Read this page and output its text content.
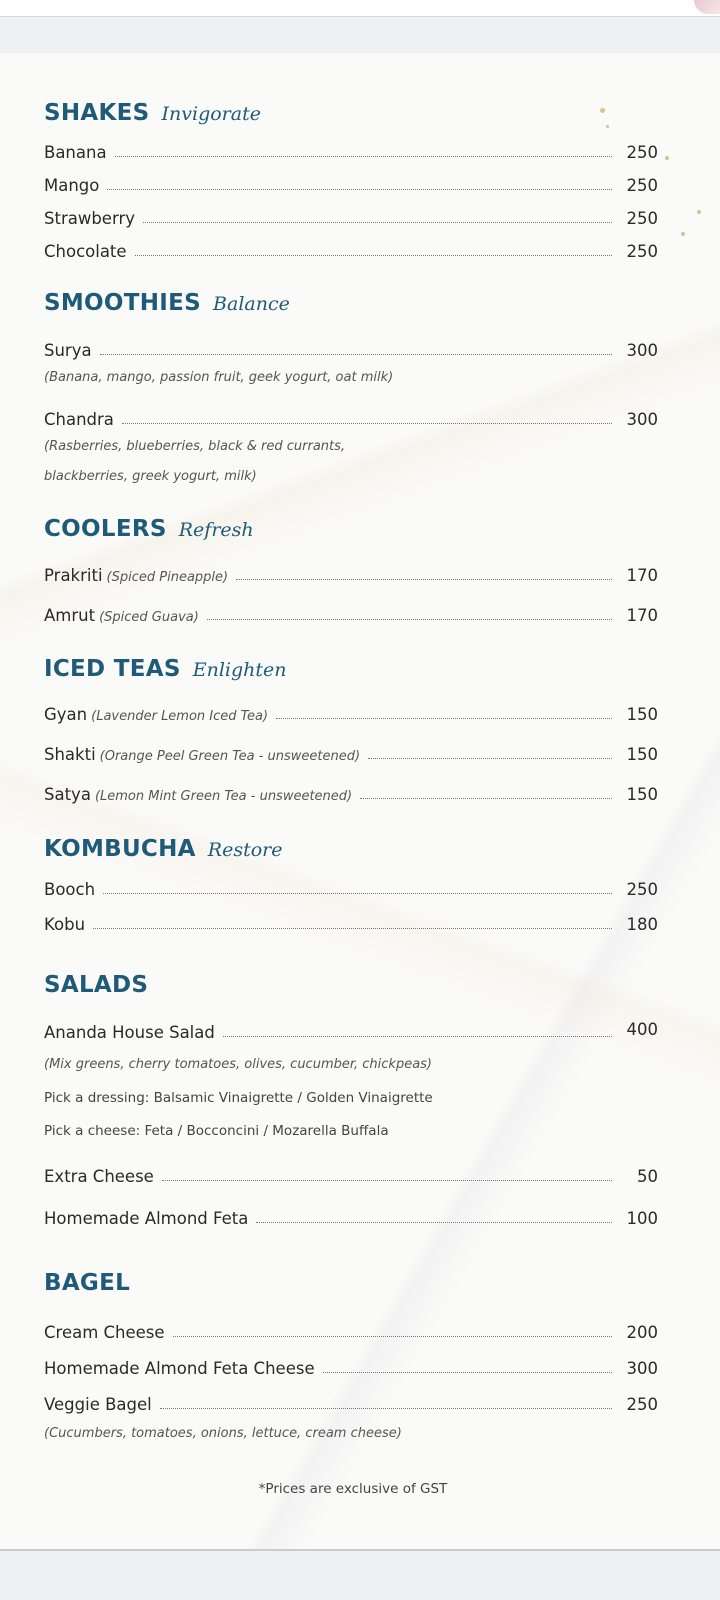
SHAKES Invigorate
Banana	250
Mango	250
Strawberry	250
Chocolate	250
SMOOTHIES Balance
Surya	300
(Banana, mango, passion fruit, geek yogurt, oat milk)
Chandra	300
(Rasberries, blueberries, black & red currants,
blackberries, greek yogurt, milk)
COOLERS Refresh
Prakriti (Spiced Pineapple)	170
Amrut (Spiced Guava)	170
ICED TEAS Enlighten
Gyan (Lavender Lemon Iced Tea)	150
Shakti (Orange Peel Green Tea - unsweetened)	150
Satya (Lemon Mint Green Tea - unsweetened)	150
KOMBUCHA Restore
Booch	250
Kobu	180
SALADS
Ananda House Salad	400
(Mix greens, cherry tomatoes, olives, cucumber, chickpeas)
Pick a dressing: Balsamic Vinaigrette / Golden Vinaigrette
Pick a cheese: Feta / Bocconcini / Mozarella Buffala
Extra Cheese	50
Homemade Almond Feta	100
BAGEL
Cream Cheese	200
Homemade Almond Feta Cheese	300
Veggie Bagel	250
(Cucumbers, tomatoes, onions, lettuce, cream cheese)
*Prices are exclusive of GST
